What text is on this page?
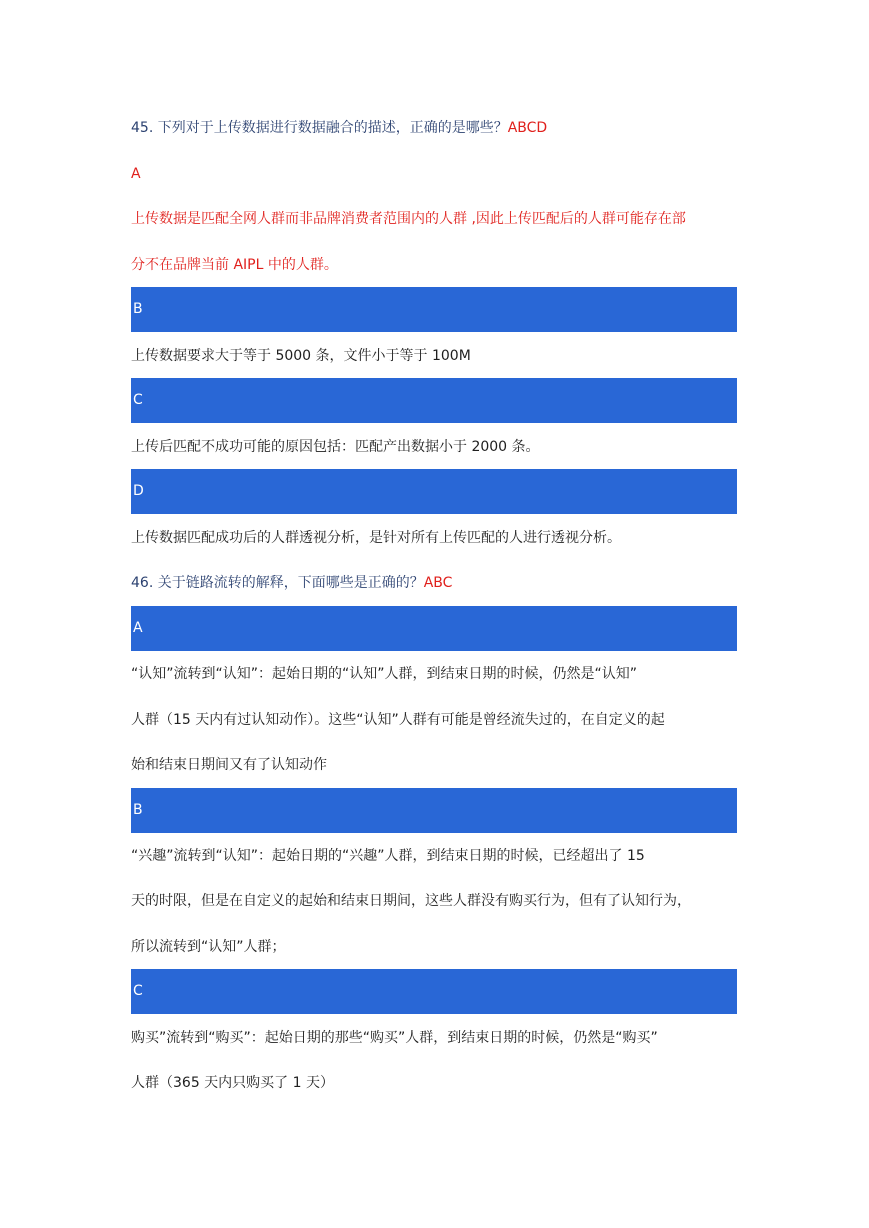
45. 下列对于上传数据进行数据融合的描述，正确的是哪些？ABCD
A
上传数据是匹配全网人群而非品牌消费者范围内的人群 ,因此上传匹配后的人群可能存在部
分不在品牌当前 AIPL 中的人群。
B
上传数据要求大于等于 5000 条，文件小于等于 100M
C
上传后匹配不成功可能的原因包括：匹配产出数据小于 2000 条。
D
上传数据匹配成功后的人群透视分析，是针对所有上传匹配的人进行透视分析。
46. 关于链路流转的解释，下面哪些是正确的？ABC
A
“认知”流转到“认知”：起始日期的“认知”人群，到结束日期的时候，仍然是“认知”
人群（15 天内有过认知动作）。这些“认知”人群有可能是曾经流失过的，在自定义的起
始和结束日期间又有了认知动作
B
“兴趣”流转到“认知”：起始日期的“兴趣”人群，到结束日期的时候，已经超出了 15
天的时限，但是在自定义的起始和结束日期间，这些人群没有购买行为，但有了认知行为，
所以流转到“认知”人群；
C
购买”流转到“购买”：起始日期的那些“购买”人群，到结束日期的时候，仍然是“购买”
人群（365 天内只购买了 1 天）
